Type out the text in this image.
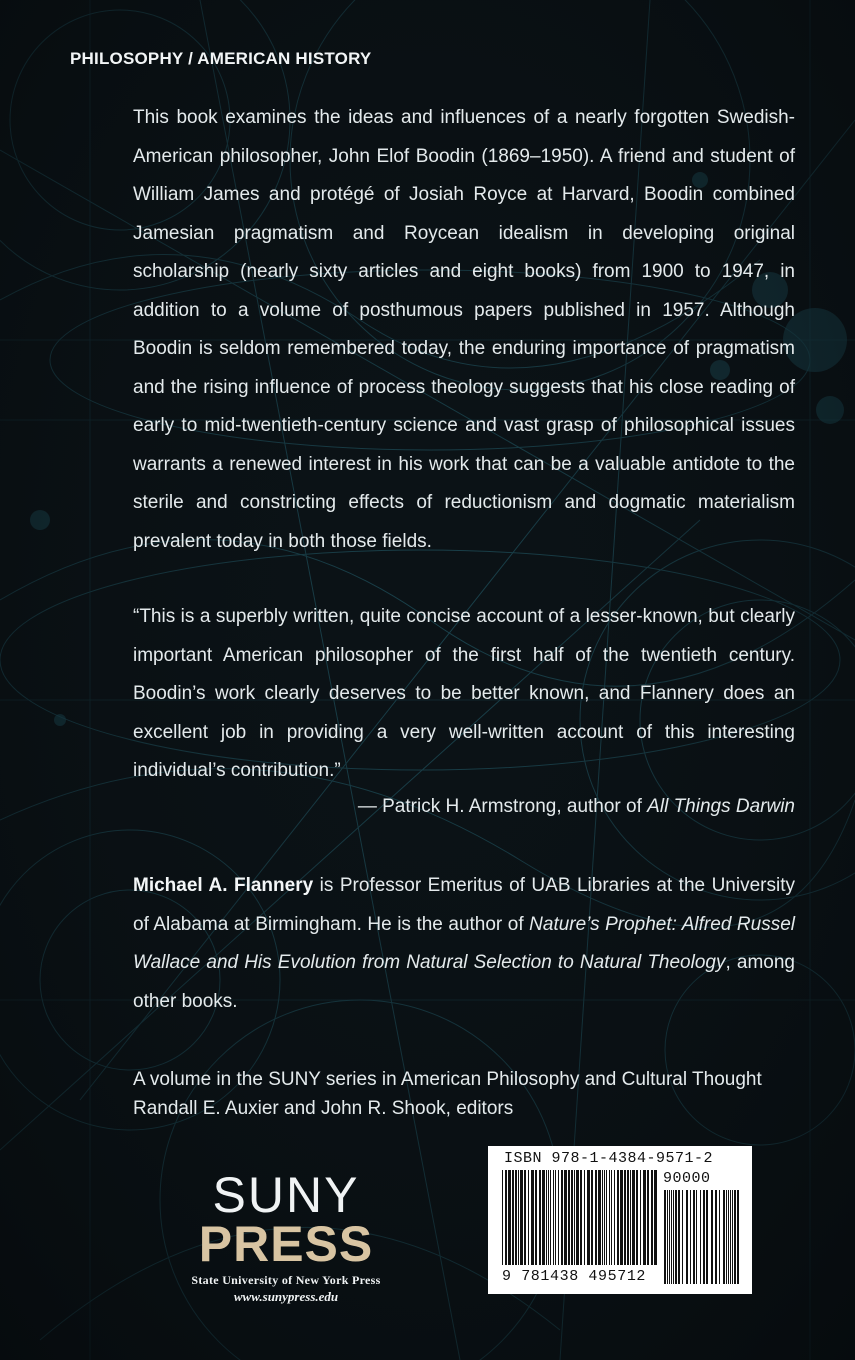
PHILOSOPHY / AMERICAN HISTORY
This book examines the ideas and influences of a nearly forgotten Swedish-American philosopher, John Elof Boodin (1869–1950). A friend and student of William James and protégé of Josiah Royce at Harvard, Boodin combined Jamesian pragmatism and Roycean idealism in developing original scholarship (nearly sixty articles and eight books) from 1900 to 1947, in addition to a volume of posthumous papers published in 1957. Although Boodin is seldom remembered today, the enduring importance of pragmatism and the rising influence of process theology suggests that his close reading of early to mid-twentieth-century science and vast grasp of philosophical issues warrants a renewed interest in his work that can be a valuable antidote to the sterile and constricting effects of reductionism and dogmatic materialism prevalent today in both those fields.
“This is a superbly written, quite concise account of a lesser-known, but clearly important American philosopher of the first half of the twentieth century. Boodin’s work clearly deserves to be better known, and Flannery does an excellent job in providing a very well-written account of this interesting individual’s contribution.”
— Patrick H. Armstrong, author of All Things Darwin
Michael A. Flannery is Professor Emeritus of UAB Libraries at the University of Alabama at Birmingham. He is the author of Nature’s Prophet: Alfred Russel Wallace and His Evolution from Natural Selection to Natural Theology, among other books.
A volume in the SUNY series in American Philosophy and Cultural Thought
Randall E. Auxier and John R. Shook, editors
SUNY
PRESS
State University of New York Press
www.sunypress.edu
ISBN 978-1-4384-9571-2
90000
9 781438 495712
